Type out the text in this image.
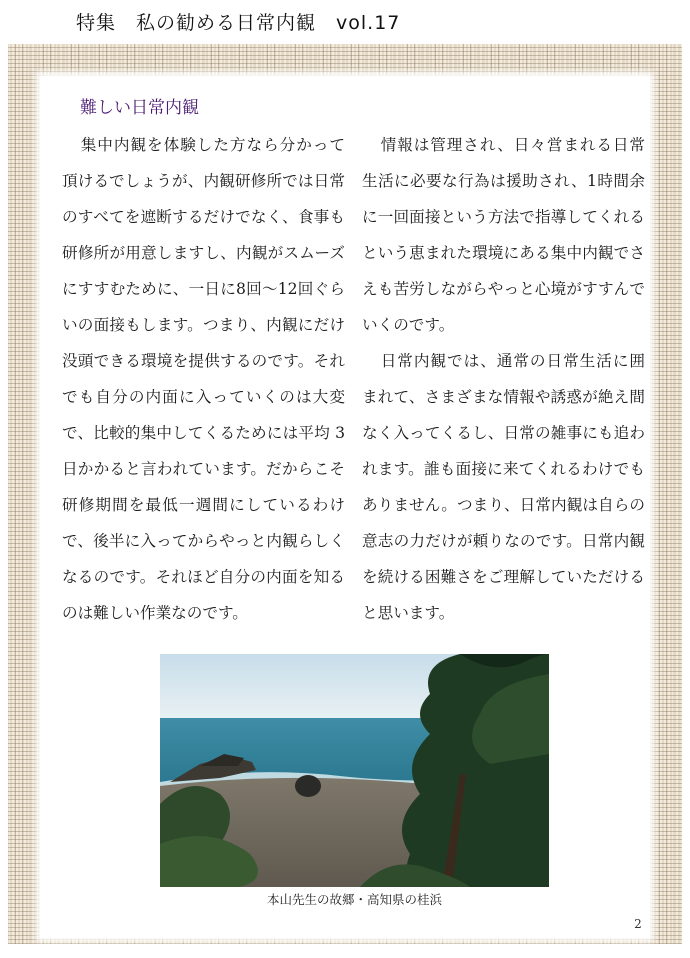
特集　私の勧める日常内観　vol.17
難しい日常内観

集中内観を体験した方なら分かって頂けるでしょうが、内観研修所では日常のすべてを遮断するだけでなく、食事も研修所が用意しますし、内観がスムーズにすすむために、一日に8回〜12回ぐらいの面接もします。つまり、内観にだけ没頭できる環境を提供するのです。それでも自分の内面に入っていくのは大変で、比較的集中してくるためには平均 3日かかると言われています。だからこそ研修期間を最低一週間にしているわけで、後半に入ってからやっと内観らしくなるのです。それほど自分の内面を知るのは難しい作業なのです。

情報は管理され、日々営まれる日常生活に必要な行為は援助され、1時間余に一回面接という方法で指導してくれるという恵まれた環境にある集中内観でさえも苦労しながらやっと心境がすすんでいくのです。

日常内観では、通常の日常生活に囲まれて、さまざまな情報や誘惑が絶え間なく入ってくるし、日常の雑事にも追われます。誰も面接に来てくれるわけでもありません。つまり、日常内観は自らの意志の力だけが頼りなのです。日常内観を続ける困難さをご理解していただけると思います。

本山先生の故郷・高知県の桂浜
2
